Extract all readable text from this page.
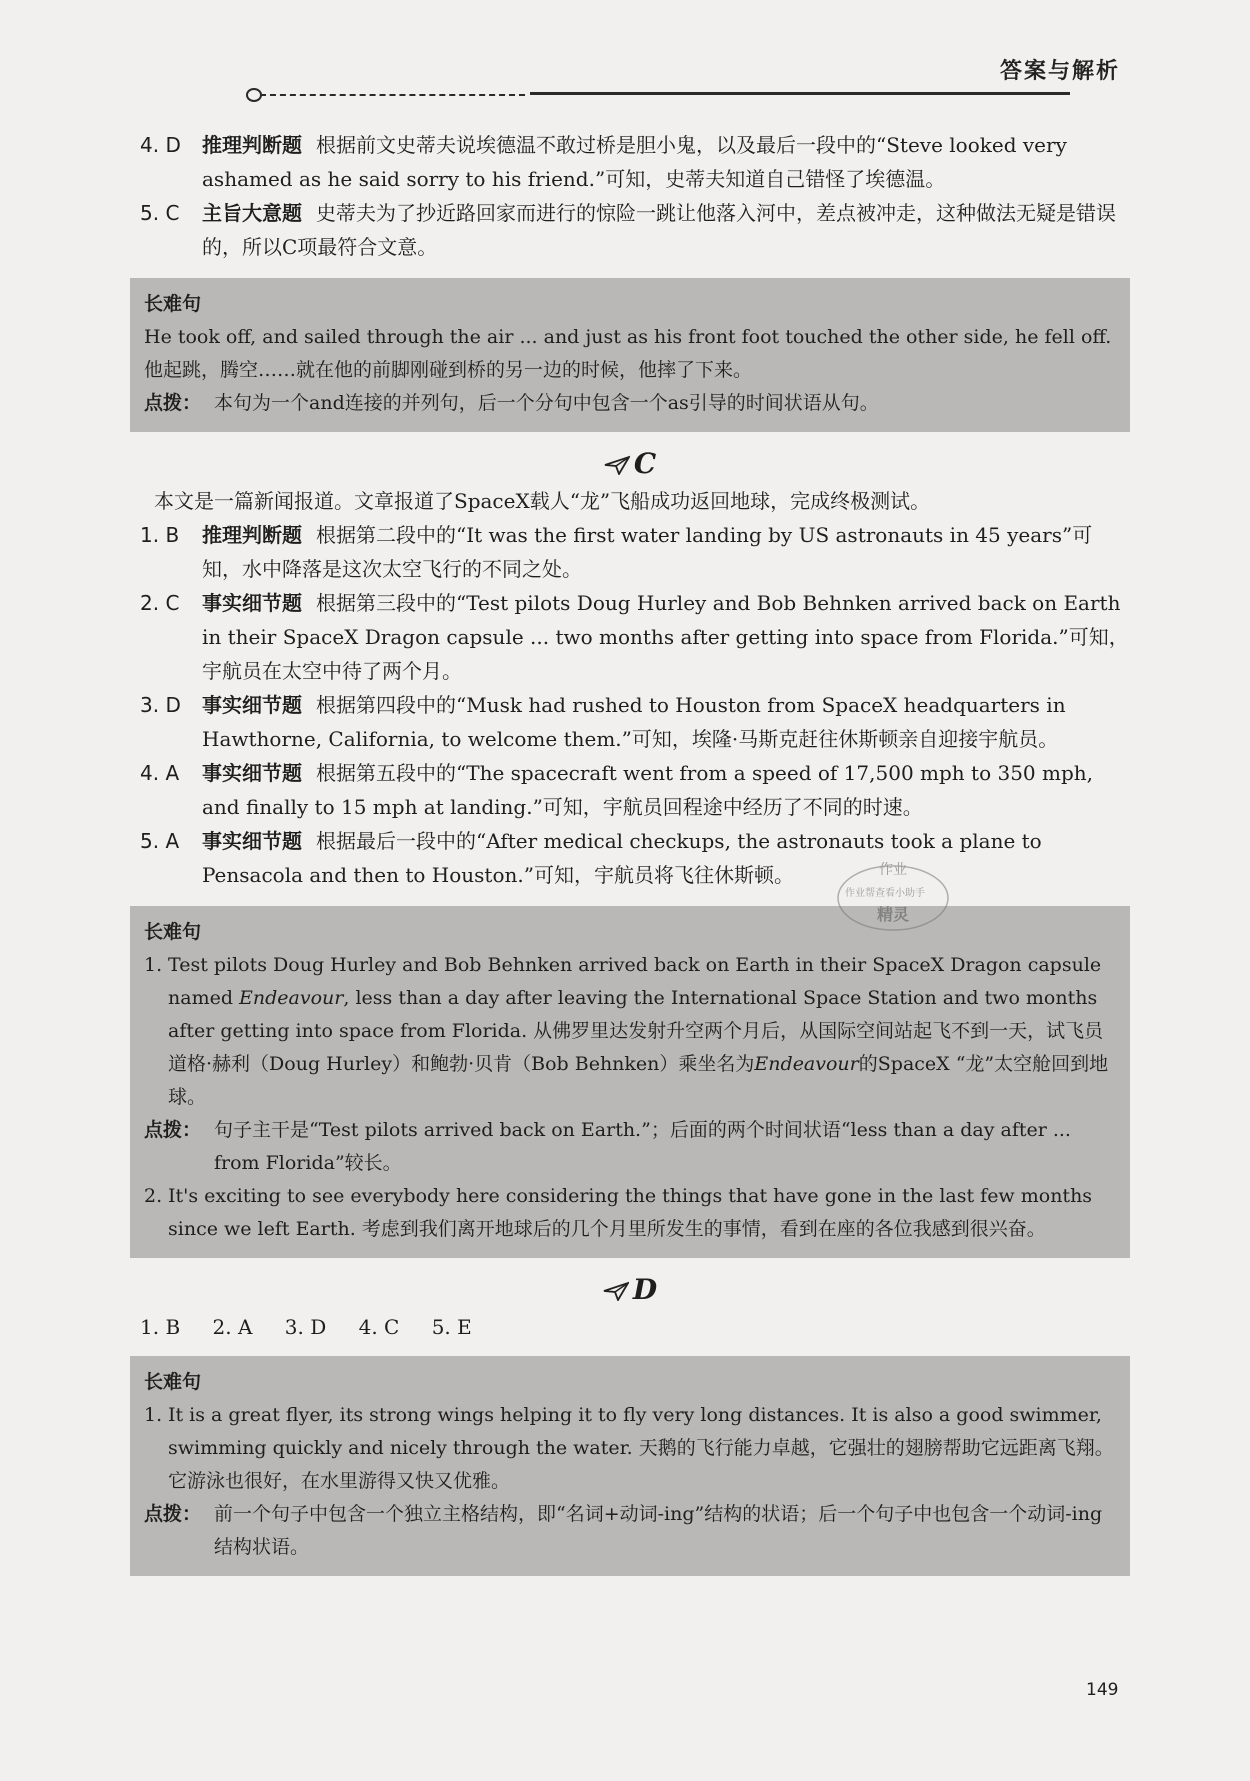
答案与解析
4. D 推理判断题 根据前文史蒂夫说埃德温不敢过桥是胆小鬼，以及最后一段中的“Steve looked very ashamed as he said sorry to his friend.”可知，史蒂夫知道自己错怪了埃德温。
5. C 主旨大意题 史蒂夫为了抄近路回家而进行的惊险一跳让他落入河中，差点被冲走，这种做法无疑是错误的，所以C项最符合文意。
长难句

He took off, and sailed through the air ... and just as his front foot touched the other side, he fell off.

他起跳，腾空……就在他的前脚刚碰到桥的另一边的时候，他摔了下来。

点拨： 本句为一个and连接的并列句，后一个分句中包含一个as引导的时间状语从句。
C
本文是一篇新闻报道。文章报道了SpaceX载人“龙”飞船成功返回地球，完成终极测试。
1. B 推理判断题 根据第二段中的“It was the first water landing by US astronauts in 45 years”可知，水中降落是这次太空飞行的不同之处。
2. C 事实细节题 根据第三段中的“Test pilots Doug Hurley and Bob Behnken arrived back on Earth in their SpaceX Dragon capsule ... two months after getting into space from Florida.”可知，宇航员在太空中待了两个月。
3. D 事实细节题 根据第四段中的“Musk had rushed to Houston from SpaceX headquarters in Hawthorne, California, to welcome them.”可知，埃隆·马斯克赶往休斯顿亲自迎接宇航员。
4. A 事实细节题 根据第五段中的“The spacecraft went from a speed of 17,500 mph to 350 mph, and finally to 15 mph at landing.”可知，宇航员回程途中经历了不同的时速。
5. A 事实细节题 根据最后一段中的“After medical checkups, the astronauts took a plane to Pensacola and then to Houston.”可知，宇航员将飞往休斯顿。
长难句
1. Test pilots Doug Hurley and Bob Behnken arrived back on Earth in their SpaceX Dragon capsule named Endeavour, less than a day after leaving the International Space Station and two months after getting into space from Florida. 从佛罗里达发射升空两个月后，从国际空间站起飞不到一天，试飞员道格·赫利（Doug Hurley）和鲍勃·贝肯（Bob Behnken）乘坐名为Endeavour的SpaceX “龙”太空舱回到地球。
点拨： 句子主干是“Test pilots arrived back on Earth.”；后面的两个时间状语“less than a day after ... from Florida”较长。
2. It's exciting to see everybody here considering the things that have gone in the last few months since we left Earth. 考虑到我们离开地球后的几个月里所发生的事情，看到在座的各位我感到很兴奋。
D
1. B 2. A 3. D 4. C 5. E
长难句
1. It is a great flyer, its strong wings helping it to fly very long distances. It is also a good swimmer, swimming quickly and nicely through the water. 天鹅的飞行能力卓越，它强壮的翅膀帮助它远距离飞翔。它游泳也很好，在水里游得又快又优雅。
点拨： 前一个句子中包含一个独立主格结构，即“名词+动词-ing”结构的状语；后一个句子中也包含一个动词-ing结构状语。
作业
作业帮查看小助手
精灵
149
